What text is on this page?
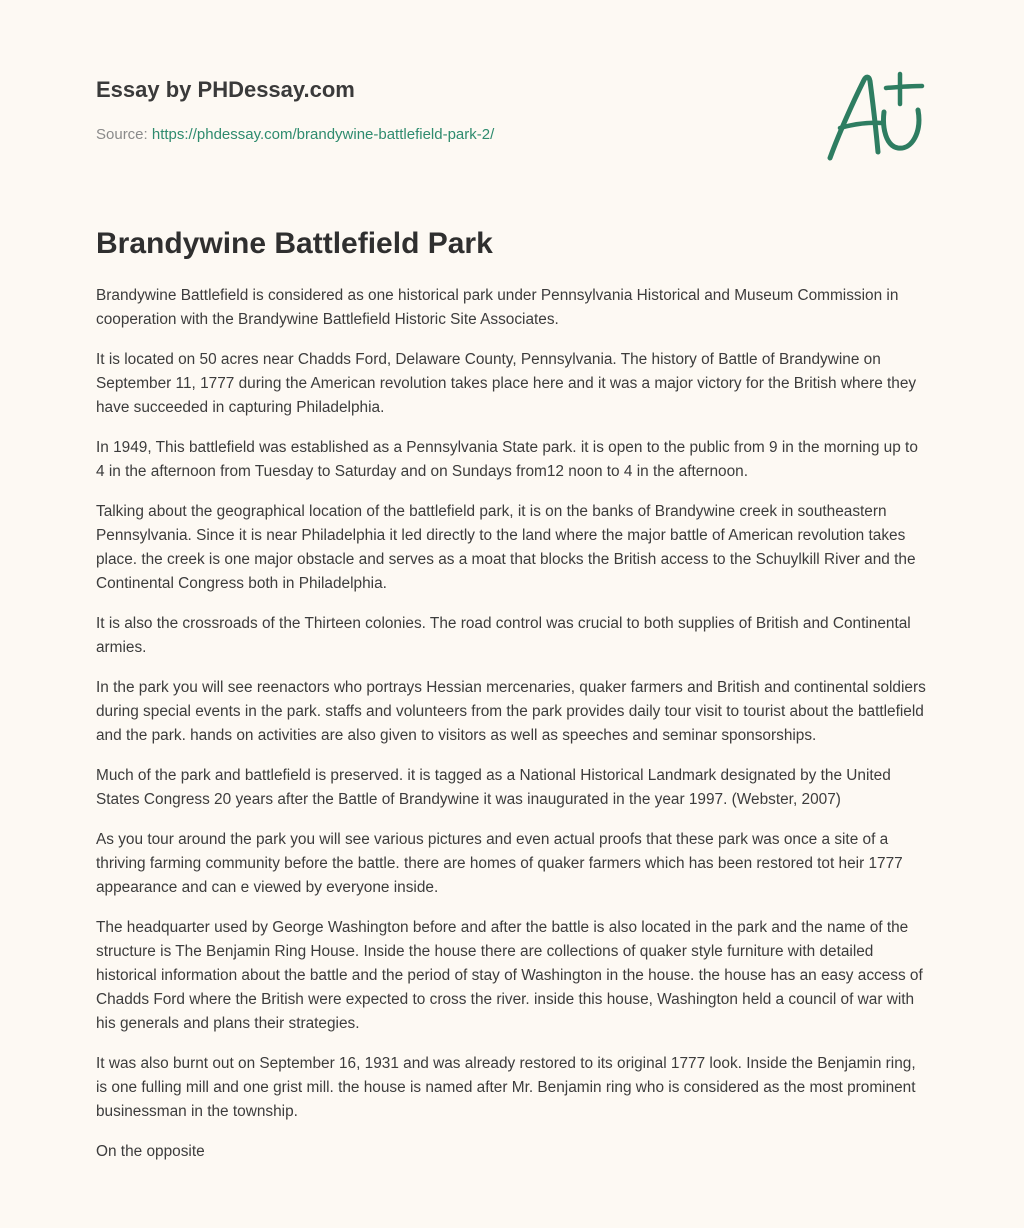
Essay by PHDessay.com
Source: https://phdessay.com/brandywine-battlefield-park-2/
Brandywine Battlefield Park

Brandywine Battlefield is considered as one historical park under Pennsylvania Historical and Museum Commission in cooperation with the Brandywine Battlefield Historic Site Associates.

It is located on 50 acres near Chadds Ford, Delaware County, Pennsylvania. The history of Battle of Brandywine on September 11, 1777 during the American revolution takes place here and it was a major victory for the British where they have succeeded in capturing Philadelphia.

In 1949, This battlefield was established as a Pennsylvania State park. it is open to the public from 9 in the morning up to 4 in the afternoon from Tuesday to Saturday and on Sundays from12 noon to 4 in the afternoon.

Talking about the geographical location of the battlefield park, it is on the banks of Brandywine creek in southeastern Pennsylvania. Since it is near Philadelphia it led directly to the land where the major battle of American revolution takes place. the creek is one major obstacle and serves as a moat that blocks the British access to the Schuylkill River and the Continental Congress both in Philadelphia.

It is also the crossroads of the Thirteen colonies. The road control was crucial to both supplies of British and Continental armies.

In the park you will see reenactors who portrays Hessian mercenaries, quaker farmers and British and continental soldiers during special events in the park. staffs and volunteers from the park provides daily tour visit to tourist about the battlefield and the park. hands on activities are also given to visitors as well as speeches and seminar sponsorships.

Much of the park and battlefield is preserved. it is tagged as a National Historical Landmark designated by the United States Congress 20 years after the Battle of Brandywine it was inaugurated in the year 1997. (Webster, 2007)

As you tour around the park you will see various pictures and even actual proofs that these park was once a site of a thriving farming community before the battle. there are homes of quaker farmers which has been restored tot heir 1777 appearance and can e viewed by everyone inside.

The headquarter used by George Washington before and after the battle is also located in the park and the name of the structure is The Benjamin Ring House. Inside the house there are collections of quaker style furniture with detailed historical information about the battle and the period of stay of Washington in the house. the house has an easy access of Chadds Ford where the British were expected to cross the river. inside this house, Washington held a council of war with his generals and plans their strategies.

It was also burnt out on September 16, 1931 and was already restored to its original 1777 look. Inside the Benjamin ring, is one fulling mill and one grist mill. the house is named after Mr. Benjamin ring who is considered as the most prominent businessman in the township.

On the opposite
